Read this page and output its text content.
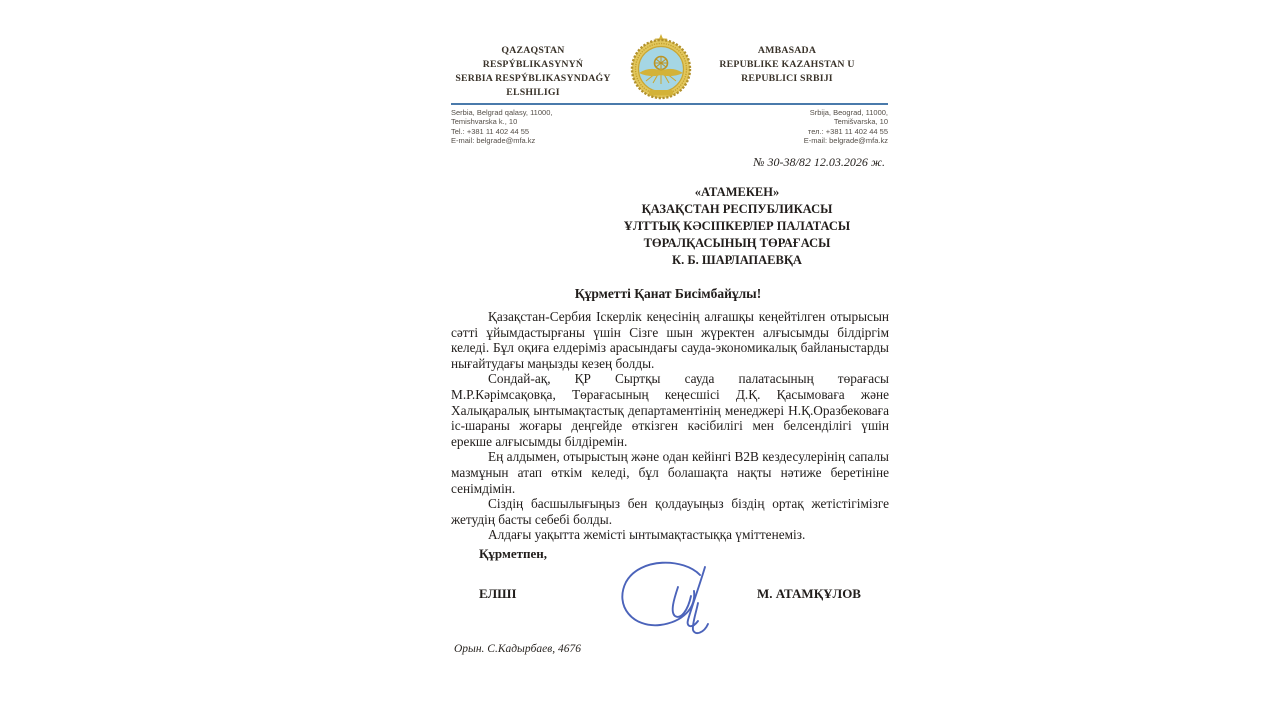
QAZAQSTAN RESPÝBLIKASYNYŃ
SERBIA RESPÝBLIKASYNDAǴY
ELSHILIGI
AMBASADA
REPUBLIKE KAZAHSTAN U
REPUBLICI SRBIJI
Serbia, Belgrad qalasy, 11000,
Temishvarska k., 10
Tel.: +381 11 402 44 55
E-mail: belgrade@mfa.kz
Srbija, Beograd, 11000,
Temišvarska, 10
тел.: +381 11 402 44 55
E-mail: belgrade@mfa.kz
№ 30-38/82 12.03.2026 ж.
«АТАМЕКЕН»
ҚАЗАҚСТАН РЕСПУБЛИКАСЫ
ҰЛТТЫҚ КӘСІПКЕРЛЕР ПАЛАТАСЫ
ТӨРАЛҚАСЫНЫҢ ТӨРАҒАСЫ
К. Б. ШАРЛАПАЕВҚА
Құрметті Қанат Бисімбайұлы!

Қазақстан-Сербия Іскерлік кеңесінің алғашқы кеңейтілген отырысын сәтті ұйымдастырғаны үшін Сізге шын жүректен алғысымды білдіргім келеді. Бұл оқиға елдеріміз арасындағы сауда-экономикалық байланыстарды нығайтудағы маңызды кезең болды.

Сондай-ақ, ҚР Сыртқы сауда палатасының төрағасы М.Р.Кәрімсақовқа, Төрағасының кеңесшісі Д.Қ. Қасымоваға және Халықаралық ынтымақтастық департаментінің менеджері Н.Қ.Оразбековаға іс-шараны жоғары деңгейде өткізген кәсібилігі мен белсенділігі үшін ерекше алғысымды білдіремін.

Ең алдымен, отырыстың және одан кейінгі B2B кездесулерінің сапалы мазмұнын атап өткім келеді, бұл болашақта нақты нәтиже беретініне сенімдімін.

Сіздің басшылығыңыз бен қолдауыңыз біздің ортақ жетістігімізге жетудің басты себебі болды.

Алдағы уақытта жемісті ынтымақтастыққа үміттенеміз.

Құрметпен,
ЕЛШІ	М. АТАМҚҰЛОВ
Орын. С.Кадырбаев, 4676
